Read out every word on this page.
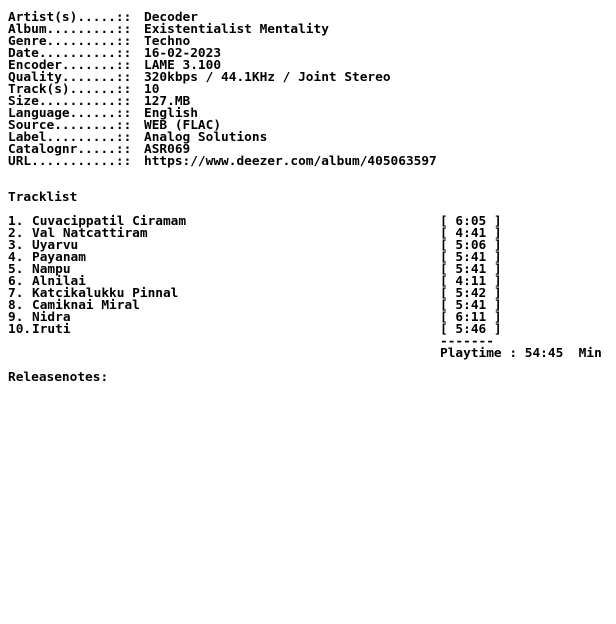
Artist(s).....:: Decoder
Album.........:: Existentialist Mentality
Genre.........:: Techno
Date..........:: 16-02-2023
Encoder.......:: LAME 3.100
Quality.......:: 320kbps / 44.1KHz / Joint Stereo
Track(s)......:: 10
Size..........:: 127.MB
Language......:: English
Source........:: WEB (FLAC)
Label.........:: Analog Solutions
Catalognr.....:: ASR069
URL...........:: https://www.deezer.com/album/405063597
Tracklist
1. Cuvacippatil Ciramam	[ 6:05 ]
2. Val Natcattiram	[ 4:41 ]
3. Uyarvu	[ 5:06 ]
4. Payanam	[ 5:41 ]
5. Nampu	[ 5:41 ]
6. Alnilai	[ 4:11 ]
7. Katcikalukku Pinnal	[ 5:42 ]
8. Camiknai Miral	[ 5:41 ]
9. Nidra	[ 6:11 ]
10.Iruti	[ 5:46 ]
-------
Playtime : 54:45  Min
Releasenotes:
